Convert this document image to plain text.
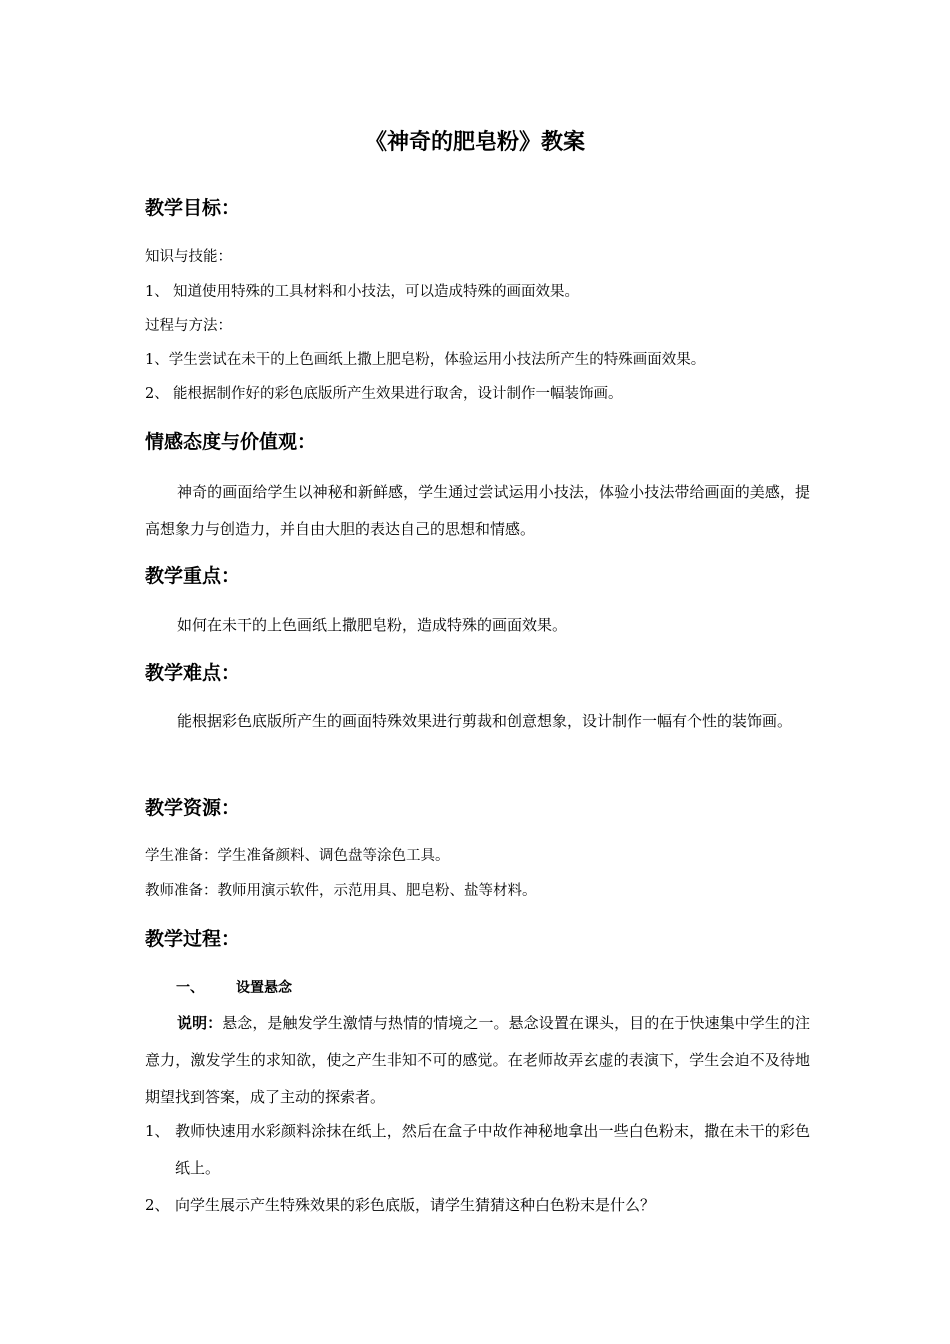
《神奇的肥皂粉》教案
教学目标：
知识与技能：
1、 知道使用特殊的工具材料和小技法，可以造成特殊的画面效果。
过程与方法：
1、学生尝试在未干的上色画纸上撒上肥皂粉，体验运用小技法所产生的特殊画面效果。
2、 能根据制作好的彩色底版所产生效果进行取舍，设计制作一幅装饰画。
情感态度与价值观：
神奇的画面给学生以神秘和新鲜感，学生通过尝试运用小技法，体验小技法带给画面的美感，提高想象力与创造力，并自由大胆的表达自己的思想和情感。
教学重点：
如何在未干的上色画纸上撒肥皂粉，造成特殊的画面效果。
教学难点：
能根据彩色底版所产生的画面特殊效果进行剪裁和创意想象，设计制作一幅有个性的装饰画。
教学资源：
学生准备：学生准备颜料、调色盘等涂色工具。
教师准备：教师用演示软件，示范用具、肥皂粉、盐等材料。
教学过程：
一、 设置悬念
说明：悬念，是触发学生激情与热情的情境之一。悬念设置在课头，目的在于快速集中学生的注意力，激发学生的求知欲，使之产生非知不可的感觉。在老师故弄玄虚的表演下，学生会迫不及待地期望找到答案，成了主动的探索者。
1、 教师快速用水彩颜料涂抹在纸上，然后在盒子中故作神秘地拿出一些白色粉末，撒在未干的彩色纸上。
2、 向学生展示产生特殊效果的彩色底版，请学生猜猜这种白色粉末是什么？
